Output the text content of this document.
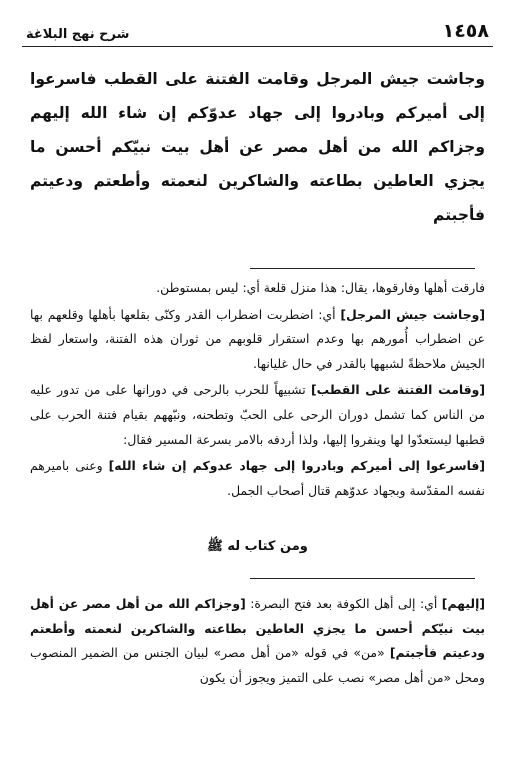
١٤٥٨
شرح نهج البلاغة
وجاشت جيش المرجل وقامت الفتنة على القطب فاسرعوا إلى أميركم وبادروا إلى جهاد عدوّكم إن شاء الله إليهم وجزاكم الله من أهل مصر عن أهل بيت نبيّكم أحسن ما يجزي العاطين بطاعته والشاكرين لنعمته وأطعتم ودعيتم فأجبتم

فارقت أهلها وفارقوها، يقال: هذا منزل قلعة أي: ليس بمستوطن.

[وجاشت جيش المرجل] أي: اضطربت اضطراب القدر وكنّى بقلعها بأهلها وقلعهم بها عن اضطراب أُمورهم بها وعدم استقرار قلوبهم من ثوران هذه الفتنة، واستعار لفظ الجيش ملاحظةً لشبهها بالقدر في حال غليانها.

[وقامت الفتنة على القطب] تشبيهاً للحرب بالرحى في دورانها على من تدور عليه من الناس كما تشمل دوران الرحى على الحبّ وتطحنه، ونبّههم بقيام فتنة الحرب على قطبها ليستعدّوا لها وينفروا إليها، ولذا أردفه بالامر بسرعة المسير فقال:

[فاسرعوا إلى أميركم وبادروا إلى جهاد عدوكم إن شاء الله] وعنى باميرهم نفسه المقدّسة وبجهاد عدوّهم قتال أصحاب الجمل.

ومن كتاب له ﷺ
[إليهم] أي: إلى أهل الكوفة بعد فتح البصرة: [وجزاكم الله من أهل مصر عن أهل بيت نبيّكم أحسن ما يجزي العاطين بطاعته والشاكرين لنعمته وأطعتم ودعيتم فأجبتم] «من» في قوله «من أهل مصر» لبيان الجنس من الضمير المنصوب ومحل «من أهل مصر» نصب على التميز ويجوز أن يكون
